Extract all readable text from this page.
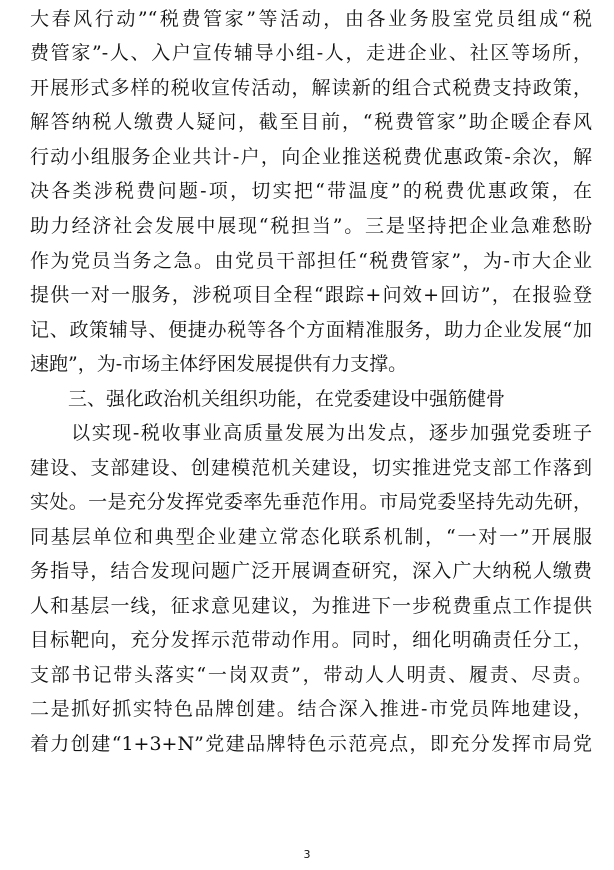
大春风行动”“税费管家”等活动，由各业务股室党员组成“税
费管家”-人、入户宣传辅导小组-人，走进企业、社区等场所，
开展形式多样的税收宣传活动，解读新的组合式税费支持政策，
解答纳税人缴费人疑问，截至目前，“税费管家”助企暖企春风
行动小组服务企业共计-户，向企业推送税费优惠政策-余次，解
决各类涉税费问题-项，切实把“带温度”的税费优惠政策，在
助力经济社会发展中展现“税担当”。三是坚持把企业急难愁盼
作为党员当务之急。由党员干部担任“税费管家”，为-市大企业
提供一对一服务，涉税项目全程“跟踪+问效+回访”，在报验登
记、政策辅导、便捷办税等各个方面精准服务，助力企业发展“加
速跑”，为-市场主体纾困发展提供有力支撑。
　　三、强化政治机关组织功能，在党委建设中强筋健骨
　　以实现-税收事业高质量发展为出发点，逐步加强党委班子
建设、支部建设、创建模范机关建设，切实推进党支部工作落到
实处。一是充分发挥党委率先垂范作用。市局党委坚持先动先研，
同基层单位和典型企业建立常态化联系机制，“一对一”开展服
务指导，结合发现问题广泛开展调查研究，深入广大纳税人缴费
人和基层一线，征求意见建议，为推进下一步税费重点工作提供
目标靶向，充分发挥示范带动作用。同时，细化明确责任分工，
支部书记带头落实“一岗双责”，带动人人明责、履责、尽责。
二是抓好抓实特色品牌创建。结合深入推进-市党员阵地建设，
着力创建“1+3+N”党建品牌特色示范亮点，即充分发挥市局党
3
